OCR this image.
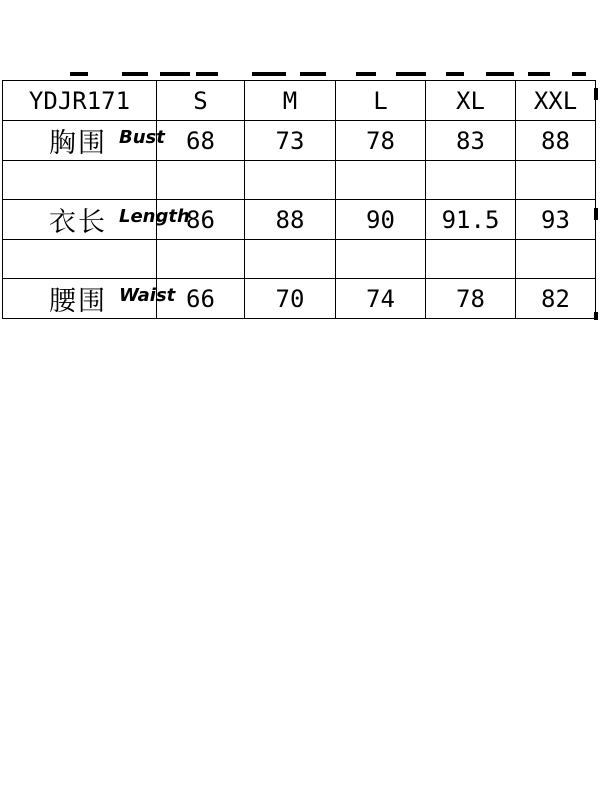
YDJR171	S	M	L	XL	XXL
胸围 Bust	68	73	78	83	88

衣长 Length	86	88	90	91.5	93

腰围 Waist	66	70	74	78	82
